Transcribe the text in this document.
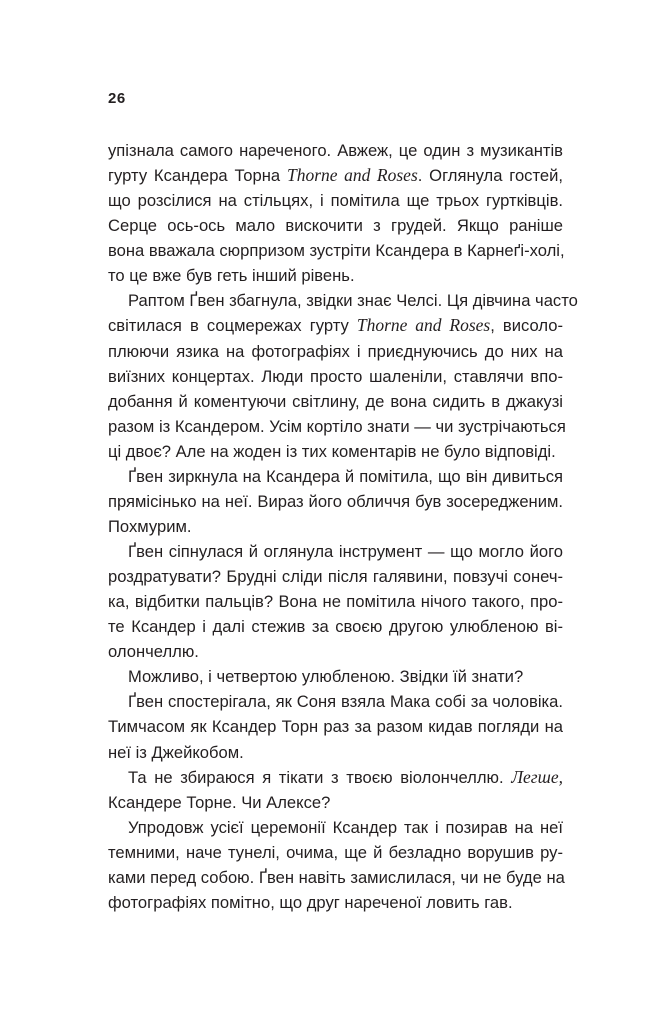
26
упізнала самого нареченого. Авжеж, це один з музикантів
гурту Ксандера Торна Thorne and Roses. Оглянула гостей,
що розсілися на стільцях, і помітила ще трьох гуртківців.
Серце ось-ось мало вискочити з грудей. Якщо раніше
вона вважала сюрпризом зустріти Ксандера в Карнеґі-холі,
то це вже був геть інший рівень.
Раптом Ґвен збагнула, звідки знає Челсі. Ця дівчина часто
світилася в соцмережах гурту Thorne and Roses, висоло-
плюючи язика на фотографіях і приєднуючись до них на
виїзних концертах. Люди просто шаленіли, ставлячи впо-
добання й коментуючи світлину, де вона сидить в джакузі
разом із Ксандером. Усім кортіло знати — чи зустрічаються
ці двоє? Але на жоден із тих коментарів не було відповіді.
Ґвен зиркнула на Ксандера й помітила, що він дивиться
прямісінько на неї. Вираз його обличчя був зосередженим.
Похмурим.
Ґвен сіпнулася й оглянула інструмент — що могло його
роздратувати? Брудні сліди після галявини, повзучі сонеч-
ка, відбитки пальців? Вона не помітила нічого такого, про-
те Ксандер і далі стежив за своєю другою улюбленою ві-
олончеллю.
Можливо, і четвертою улюбленою. Звідки їй знати?
Ґвен спостерігала, як Соня взяла Мака собі за чоловіка.
Тимчасом як Ксандер Торн раз за разом кидав погляди на
неї із Джейкобом.
Та не збираюся я тікати з твоєю віолончеллю. Легше,
Ксандере Торне. Чи Алексе?
Упродовж усієї церемонії Ксандер так і позирав на неї
темними, наче тунелі, очима, ще й безладно ворушив ру-
ками перед собою. Ґвен навіть замислилася, чи не буде на
фотографіях помітно, що друг нареченої ловить гав.
